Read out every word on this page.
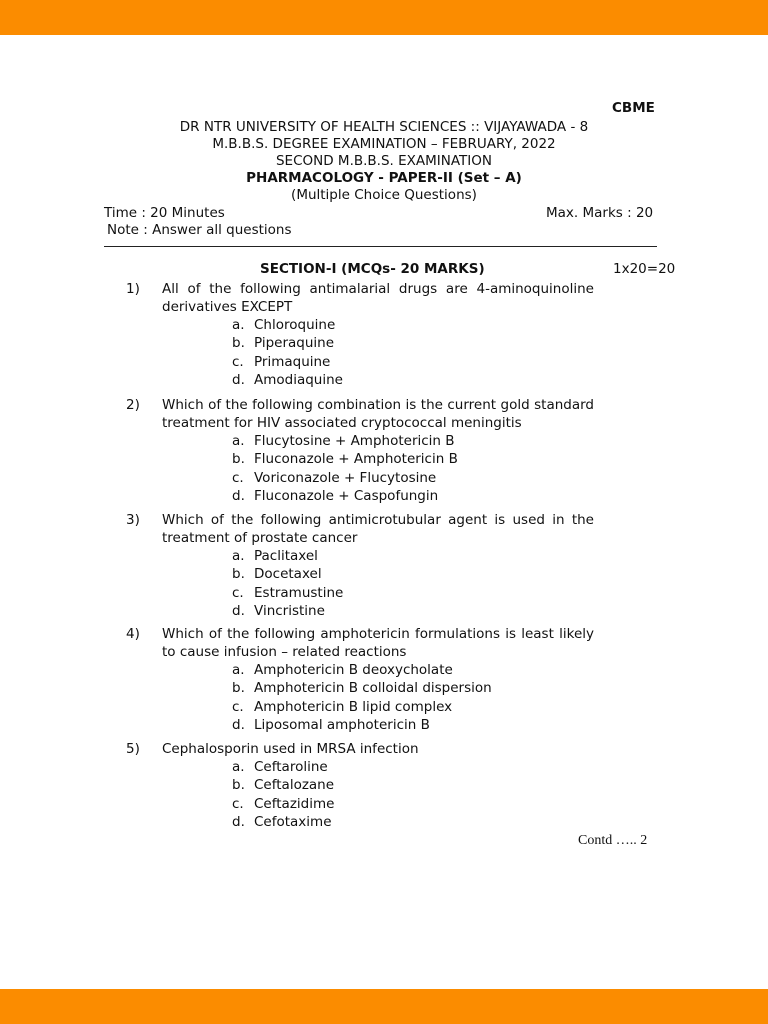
CBME
DR NTR UNIVERSITY OF HEALTH SCIENCES :: VIJAYAWADA - 8
M.B.B.S. DEGREE EXAMINATION – FEBRUARY, 2022
SECOND M.B.B.S. EXAMINATION
PHARMACOLOGY - PAPER-II (Set – A)
(Multiple Choice Questions)
Time : 20 Minutes	Max. Marks : 20
Note : Answer all questions
SECTION-I (MCQs- 20 MARKS)	1x20=20
1)	All of the following antimalarial drugs are 4-aminoquinoline derivatives EXCEPT
a. Chloroquine
b. Piperaquine
c. Primaquine
d. Amodiaquine
2)	Which of the following combination is the current gold standard treatment for HIV associated cryptococcal meningitis
a. Flucytosine + Amphotericin B
b. Fluconazole + Amphotericin B
c. Voriconazole + Flucytosine
d. Fluconazole + Caspofungin
3)	Which of the following antimicrotubular agent is used in the treatment of prostate cancer
a. Paclitaxel
b. Docetaxel
c. Estramustine
d. Vincristine
4)	Which of the following amphotericin formulations is least likely to cause infusion – related reactions
a. Amphotericin B deoxycholate
b. Amphotericin B colloidal dispersion
c. Amphotericin B lipid complex
d. Liposomal amphotericin B
5)	Cephalosporin used in MRSA infection
a. Ceftaroline
b. Ceftalozane
c. Ceftazidime
d. Cefotaxime
Contd ….. 2
